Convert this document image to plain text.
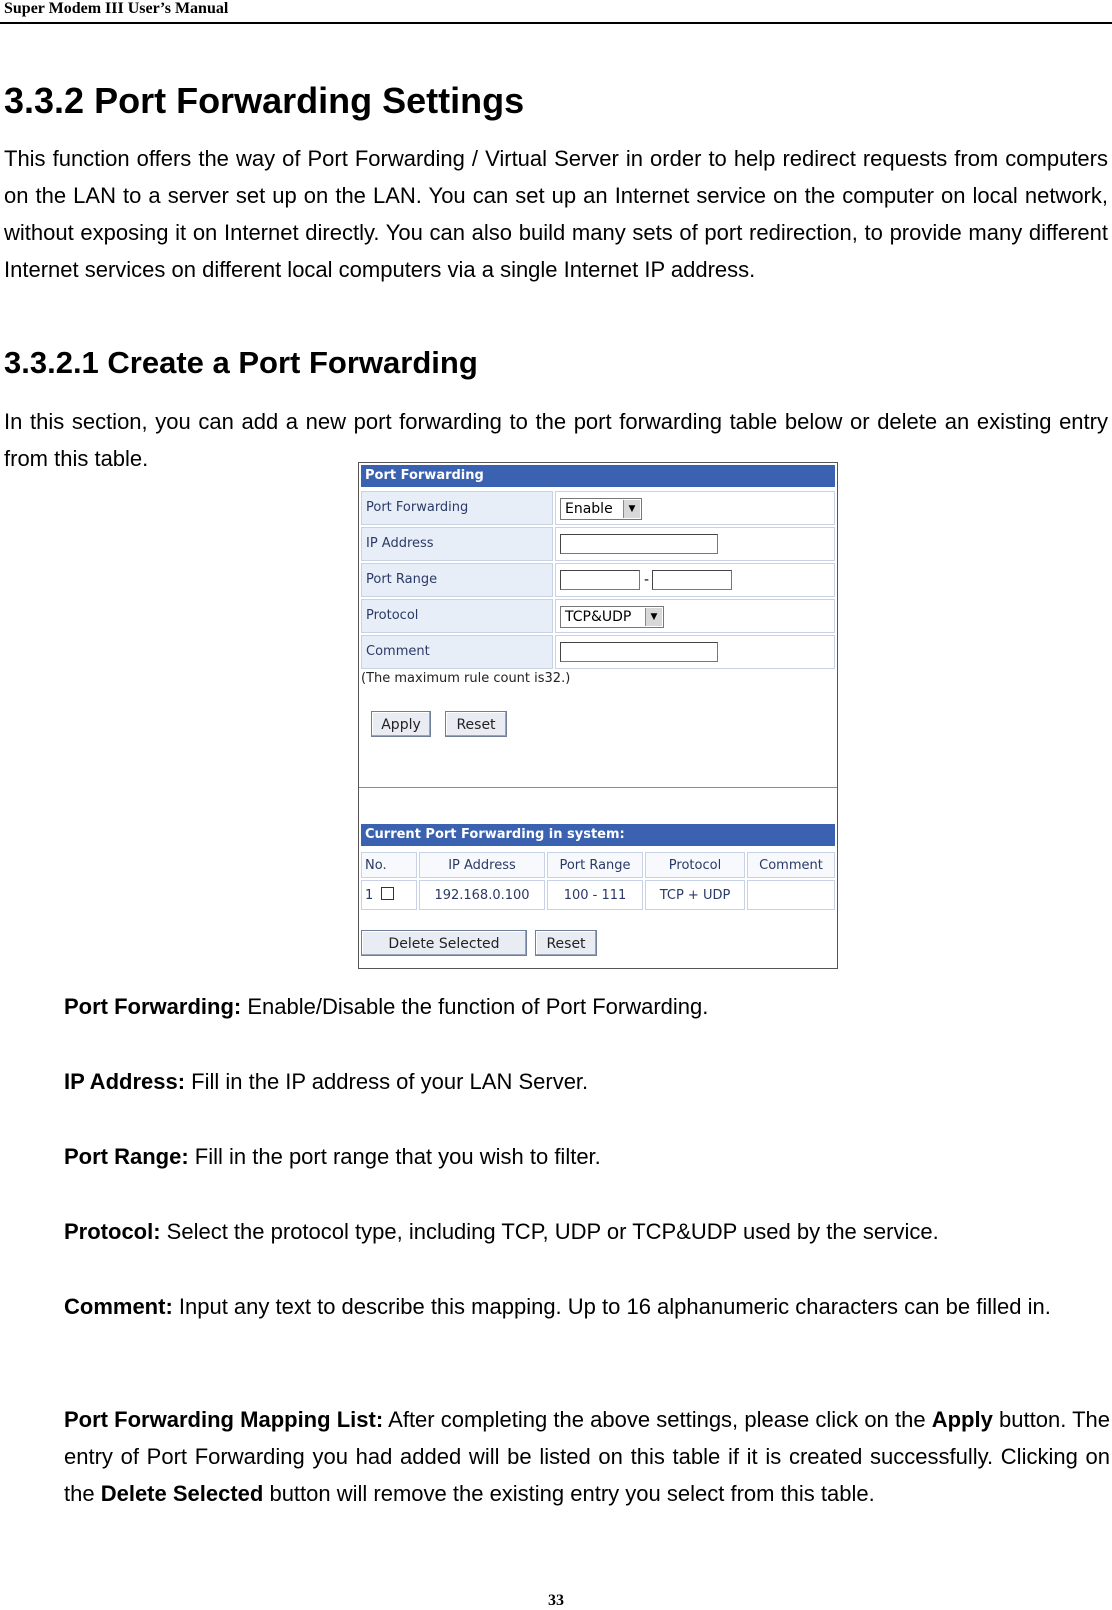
Super Modem III User’s Manual
3.3.2 Port Forwarding Settings

This function offers the way of Port Forwarding / Virtual Server in order to help redirect requests from computers on the LAN to a server set up on the LAN. You can set up an Internet service on the computer on local network, without exposing it on Internet directly. You can also build many sets of port redirection, to provide many different Internet services on different local computers via a single Internet IP address.

3.3.2.1 Create a Port Forwarding

In this section, you can add a new port forwarding to the port forwarding table below or delete an existing entry from this table.

Port Forwarding
Port Forwarding	Enable	▼
IP Address
Port Range	-
Protocol	TCP&UDP	▼
Comment
(The maximum rule count is32.)
Apply	Reset
Current Port Forwarding in system:
No.	IP Address	Port Range	Protocol	Comment
1	192.168.0.100	100 - 111	TCP + UDP
Delete Selected	Reset

Port Forwarding: Enable/Disable the function of Port Forwarding.

IP Address: Fill in the IP address of your LAN Server.

Port Range: Fill in the port range that you wish to filter.

Protocol: Select the protocol type, including TCP, UDP or TCP&UDP used by the service.

Comment: Input any text to describe this mapping. Up to 16 alphanumeric characters can be filled in.

Port Forwarding Mapping List: After completing the above settings, please click on the Apply button. The entry of Port Forwarding you had added will be listed on this table if it is created successfully. Clicking on the Delete Selected button will remove the existing entry you select from this table.

33
